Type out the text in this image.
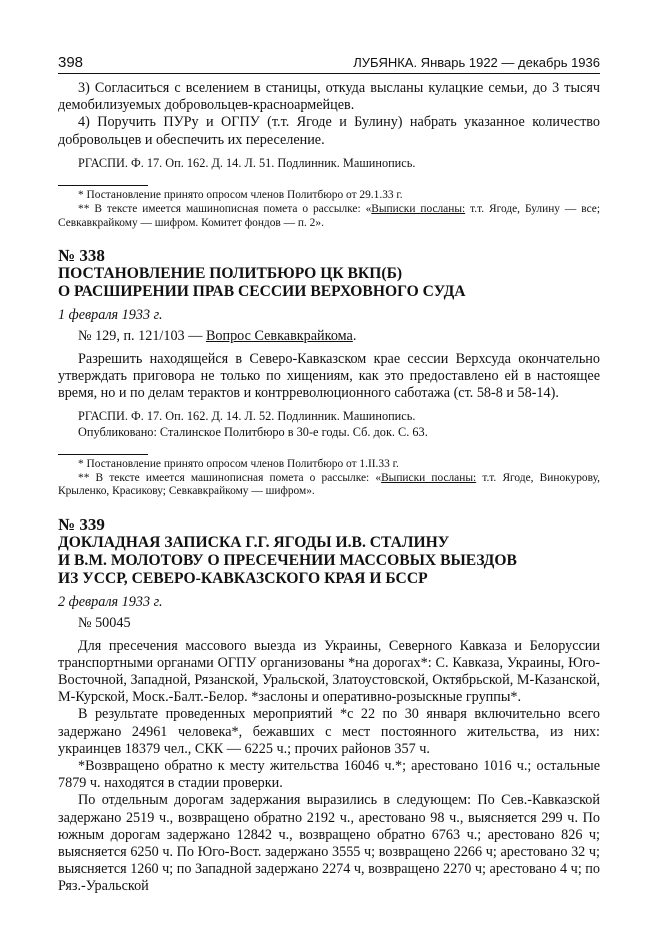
398	ЛУБЯНКА. Январь 1922 — декабрь 1936

3) Согласиться с вселением в станицы, откуда высланы кулацкие семьи, до 3 тысяч демобилизуемых добровольцев-красноармейцев.

4) Поручить ПУРу и ОГПУ (т.т. Ягоде и Булину) набрать указанное количество добровольцев и обеспечить их переселение.

РГАСПИ. Ф. 17. Оп. 162. Д. 14. Л. 51. Подлинник. Машинопись.

* Постановление принято опросом членов Политбюро от 29.1.33 г.

** В тексте имеется машинописная помета о рассылке: «Выписки посланы: т.т. Ягоде, Булину — все; Севкавкрайкому — шифром. Комитет фондов — п. 2».

№ 338
ПОСТАНОВЛЕНИЕ ПОЛИТБЮРО ЦК ВКП(Б)
О РАСШИРЕНИИ ПРАВ СЕССИИ ВЕРХОВНОГО СУДА
1 февраля 1933 г.

№ 129, п. 121/103 — Вопрос Севкавкрайкома.

Разрешить находящейся в Северо-Кавказском крае сессии Верхсуда окончательно утверждать приговора не только по хищениям, как это предоставлено ей в настоящее время, но и по делам терактов и контрреволюционного саботажа (ст. 58-8 и 58-14).

РГАСПИ. Ф. 17. Оп. 162. Д. 14. Л. 52. Подлинник. Машинопись.

Опубликовано: Сталинское Политбюро в 30-е годы. Сб. док. С. 63.

* Постановление принято опросом членов Политбюро от 1.II.33 г.

** В тексте имеется машинописная помета о рассылке: «Выписки посланы: т.т. Ягоде, Винокурову, Крыленко, Красикову; Севкавкрайкому — шифром».

№ 339
ДОКЛАДНАЯ ЗАПИСКА Г.Г. ЯГОДЫ И.В. СТАЛИНУ
И В.М. МОЛОТОВУ О ПРЕСЕЧЕНИИ МАССОВЫХ ВЫЕЗДОВ
ИЗ УССР, СЕВЕРО-КАВКАЗСКОГО КРАЯ И БССР
2 февраля 1933 г.

№ 50045

Для пресечения массового выезда из Украины, Северного Кавказа и Белоруссии транспортными органами ОГПУ организованы *на дорогах*: С. Кавказа, Украины, Юго-Восточной, Западной, Рязанской, Уральской, Златоустовской, Октябрьской, М-Казанской, М-Курской, Моск.-Балт.-Белор. *заслоны и оперативно-розыскные группы*.

В результате проведенных мероприятий *с 22 по 30 января включительно всего задержано 24961 человека*, бежавших с мест постоянного жительства, из них: украинцев 18379 чел., СКК — 6225 ч.; прочих районов 357 ч.

*Возвращено обратно к месту жительства 16046 ч.*; арестовано 1016 ч.; остальные 7879 ч. находятся в стадии проверки.

По отдельным дорогам задержания выразились в следующем: По Сев.-Кавказской задержано 2519 ч., возвращено обратно 2192 ч., арестовано 98 ч., выясняется 299 ч. По южным дорогам задержано 12842 ч., возвращено обратно 6763 ч.; арестовано 826 ч; выясняется 6250 ч. По Юго-Вост. задержано 3555 ч; возвращено 2266 ч; арестовано 32 ч; выясняется 1260 ч; по Западной задержано 2274 ч, возвращено 2270 ч; арестовано 4 ч; по Ряз.-Уральской
